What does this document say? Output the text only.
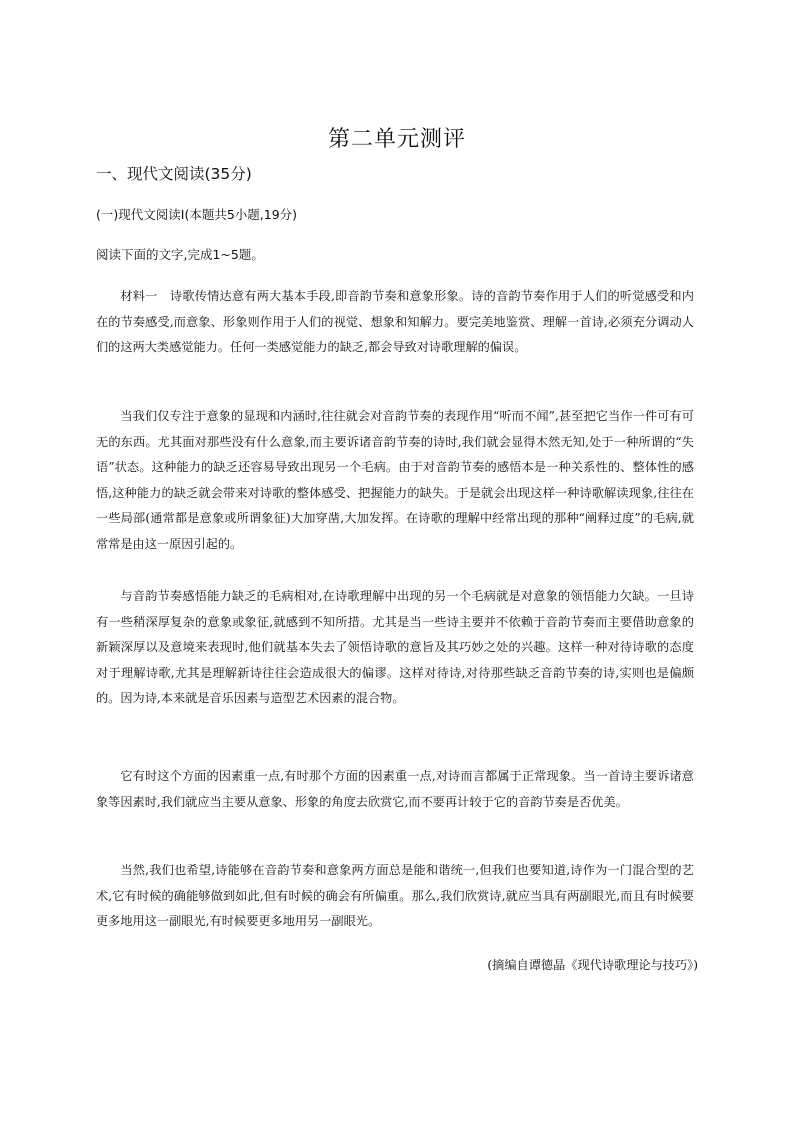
第二单元测评
一、现代文阅读(35分)
(一)现代文阅读Ⅰ(本题共5小题,19分)
阅读下面的文字,完成1~5题。

材料一　诗歌传情达意有两大基本手段,即音韵节奏和意象形象。诗的音韵节奏作用于人们的听觉感受和内在的节奏感受,而意象、形象则作用于人们的视觉、想象和知解力。要完美地鉴赏、理解一首诗,必须充分调动人们的这两大类感觉能力。任何一类感觉能力的缺乏,都会导致对诗歌理解的偏误。

当我们仅专注于意象的显现和内涵时,往往就会对音韵节奏的表现作用“听而不闻”,甚至把它当作一件可有可无的东西。尤其面对那些没有什么意象,而主要诉诸音韵节奏的诗时,我们就会显得木然无知,处于一种所谓的“失语”状态。这种能力的缺乏还容易导致出现另一个毛病。由于对音韵节奏的感悟本是一种关系性的、整体性的感悟,这种能力的缺乏就会带来对诗歌的整体感受、把握能力的缺失。于是就会出现这样一种诗歌解读现象,往往在一些局部(通常都是意象或所谓象征)大加穿凿,大加发挥。在诗歌的理解中经常出现的那种“阐释过度”的毛病,就常常是由这一原因引起的。

与音韵节奏感悟能力缺乏的毛病相对,在诗歌理解中出现的另一个毛病就是对意象的领悟能力欠缺。一旦诗有一些稍深厚复杂的意象或象征,就感到不知所措。尤其是当一些诗主要并不依赖于音韵节奏而主要借助意象的新颖深厚以及意境来表现时,他们就基本失去了领悟诗歌的意旨及其巧妙之处的兴趣。这样一种对待诗歌的态度对于理解诗歌,尤其是理解新诗往往会造成很大的偏谬。这样对待诗,对待那些缺乏音韵节奏的诗,实则也是偏颇的。因为诗,本来就是音乐因素与造型艺术因素的混合物。

它有时这个方面的因素重一点,有时那个方面的因素重一点,对诗而言都属于正常现象。当一首诗主要诉诸意象等因素时,我们就应当主要从意象、形象的角度去欣赏它,而不要再计较于它的音韵节奏是否优美。

当然,我们也希望,诗能够在音韵节奏和意象两方面总是能和谐统一,但我们也要知道,诗作为一门混合型的艺术,它有时候的确能够做到如此,但有时候的确会有所偏重。那么,我们欣赏诗,就应当具有两副眼光,而且有时候要更多地用这一副眼光,有时候要更多地用另一副眼光。

(摘编自谭德晶《现代诗歌理论与技巧》)
